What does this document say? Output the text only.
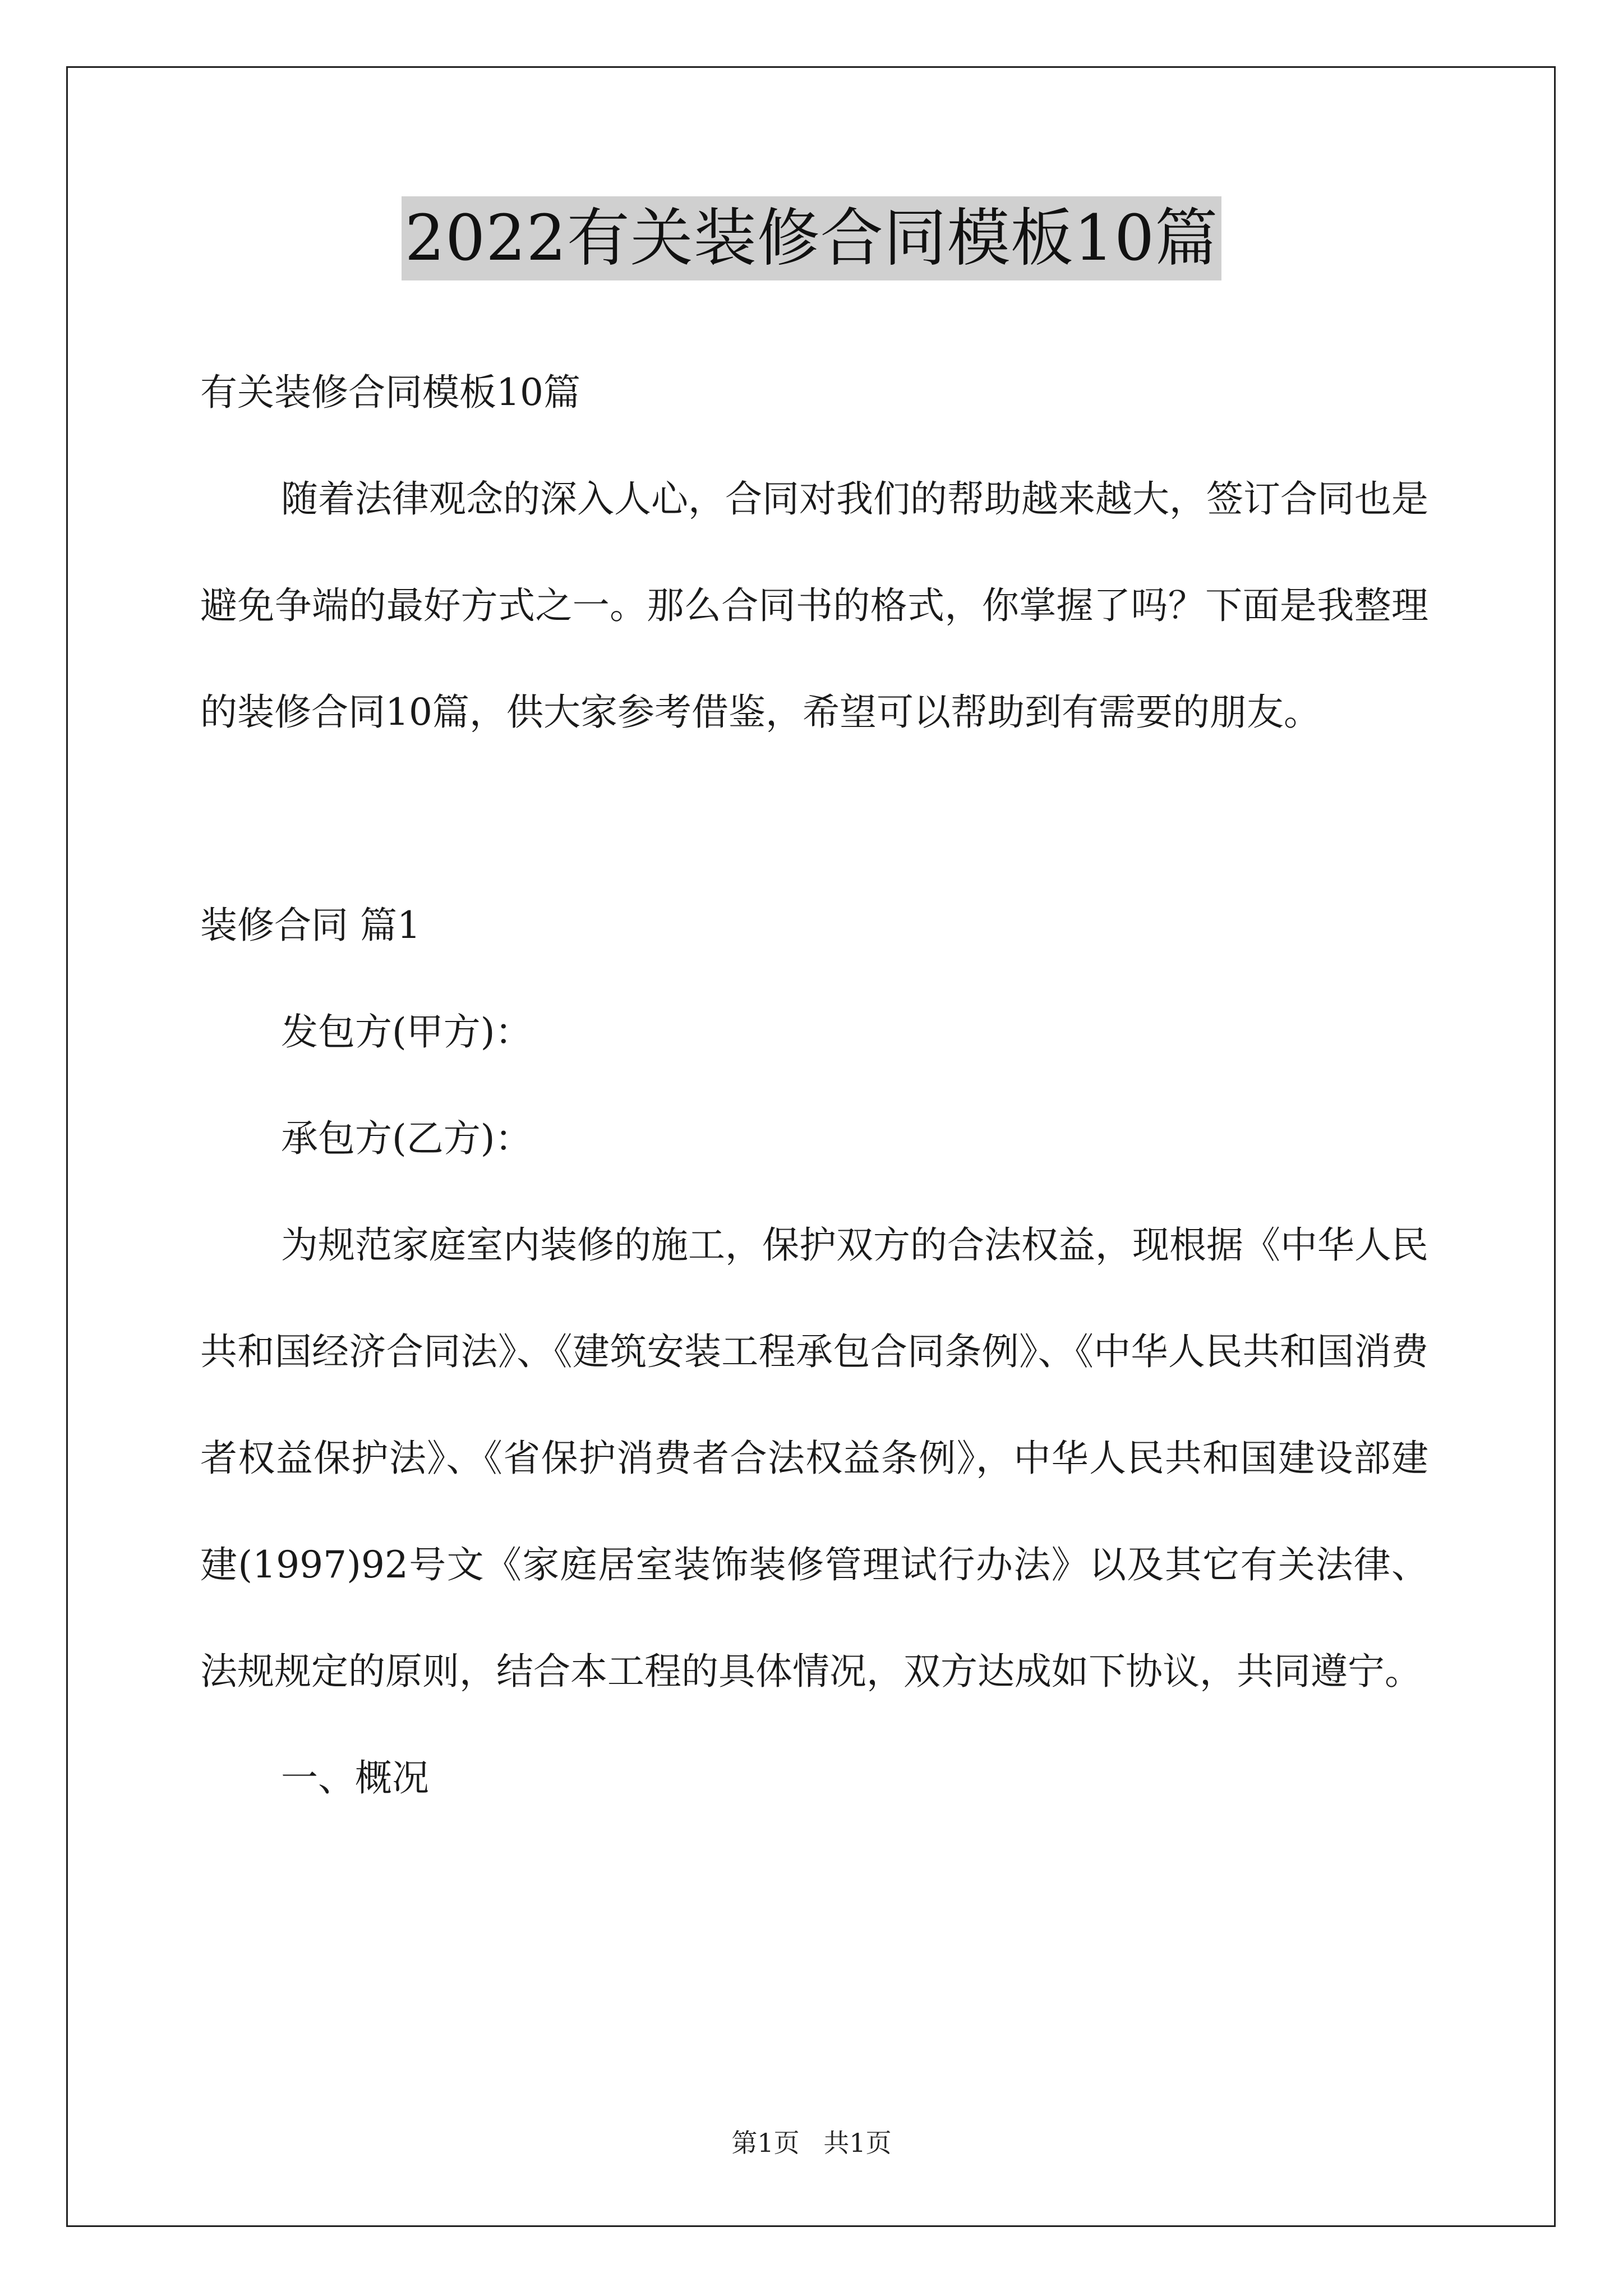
2022有关装修合同模板10篇

有关装修合同模板10篇

随着法律观念的深入人心，合同对我们的帮助越来越大，签订合同也是避免争端的最好方式之一。那么合同书的格式，你掌握了吗？下面是我整理的装修合同10篇，供大家参考借鉴，希望可以帮助到有需要的朋友。

装修合同 篇1

发包方(甲方)：

承包方(乙方)：

为规范家庭室内装修的施工，保护双方的合法权益，现根据《中华人民共和国经济合同法》、《建筑安装工程承包合同条例》、《中华人民共和国消费者权益保护法》、《省保护消费者合法权益条例》，中华人民共和国建设部建建(1997)92号文《家庭居室装饰装修管理试行办法》以及其它有关法律、法规规定的原则，结合本工程的具体情况，双方达成如下协议，共同遵宁。

一、概况

第1页 共1页
